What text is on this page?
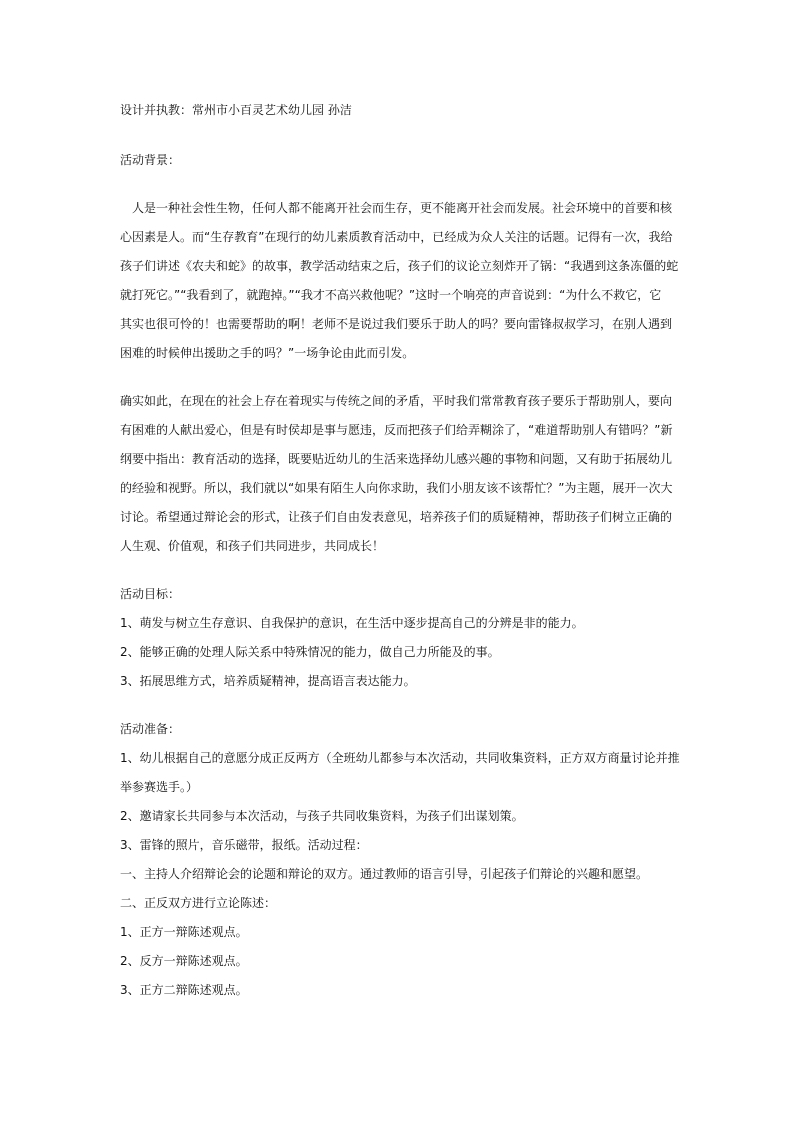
设计并执教：常州市小百灵艺术幼儿园 孙洁
活动背景：
人是一种社会性生物，任何人都不能离开社会而生存，更不能离开社会而发展。社会环境中的首要和核
心因素是人。而“生存教育”在现行的幼儿素质教育活动中，已经成为众人关注的话题。记得有一次，我给
孩子们讲述《农夫和蛇》的故事，教学活动结束之后，孩子们的议论立刻炸开了锅：“我遇到这条冻僵的蛇
就打死它。”“我看到了，就跑掉。”“我才不高兴救他呢？”这时一个响亮的声音说到：“为什么不救它，它
其实也很可怜的！也需要帮助的啊！老师不是说过我们要乐于助人的吗？要向雷锋叔叔学习，在别人遇到
困难的时候伸出援助之手的吗？”一场争论由此而引发。
确实如此，在现在的社会上存在着现实与传统之间的矛盾，平时我们常常教育孩子要乐于帮助别人，要向
有困难的人献出爱心，但是有时侯却是事与愿违，反而把孩子们给弄糊涂了，“难道帮助别人有错吗？”新
纲要中指出：教育活动的选择，既要贴近幼儿的生活来选择幼儿感兴趣的事物和问题，又有助于拓展幼儿
的经验和视野。所以，我们就以“如果有陌生人向你求助，我们小朋友该不该帮忙？”为主题，展开一次大
讨论。希望通过辩论会的形式，让孩子们自由发表意见，培养孩子们的质疑精神，帮助孩子们树立正确的
人生观、价值观，和孩子们共同进步，共同成长！
活动目标：
1、萌发与树立生存意识、自我保护的意识，在生活中逐步提高自己的分辨是非的能力。
2、能够正确的处理人际关系中特殊情况的能力，做自己力所能及的事。
3、拓展思维方式，培养质疑精神，提高语言表达能力。
活动准备：
1、幼儿根据自己的意愿分成正反两方（全班幼儿都参与本次活动，共同收集资料，正方双方商量讨论并推
举参赛选手。）
2、邀请家长共同参与本次活动，与孩子共同收集资料，为孩子们出谋划策。
3、雷锋的照片，音乐磁带，报纸。活动过程：
一、主持人介绍辩论会的论题和辩论的双方。通过教师的语言引导，引起孩子们辩论的兴趣和愿望。
二、正反双方进行立论陈述：
1、正方一辩陈述观点。
2、反方一辩陈述观点。
3、正方二辩陈述观点。
